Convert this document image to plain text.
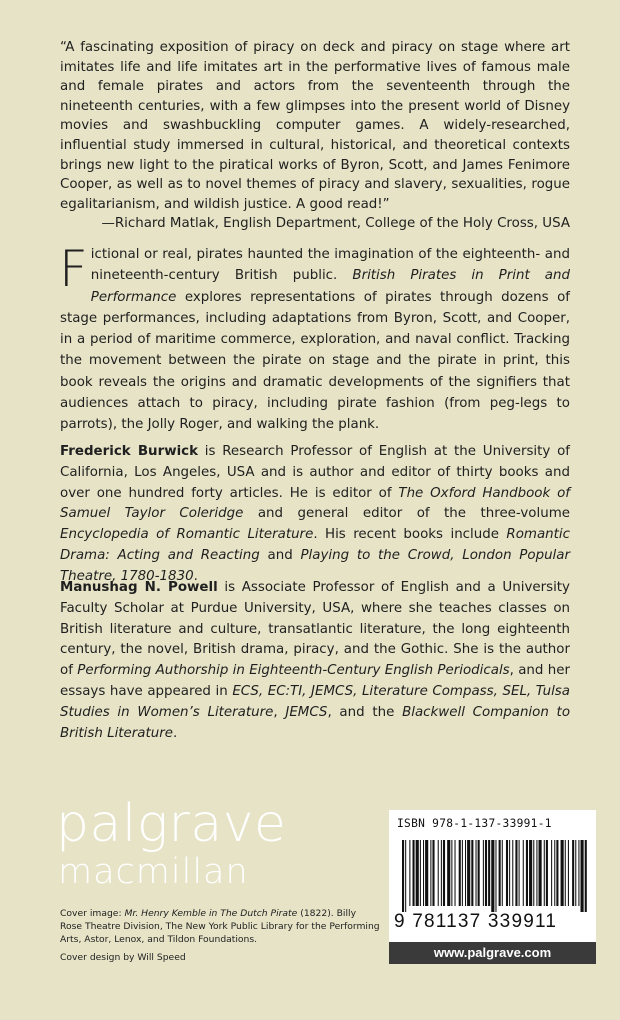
“A fascinating exposition of piracy on deck and piracy on stage where art imitates life and life imitates art in the performative lives of famous male and female pirates and actors from the seventeenth through the nineteenth centuries, with a few glimpses into the present world of Disney movies and swashbuckling computer games. A widely-researched, influential study immersed in cultural, historical, and theoretical contexts brings new light to the piratical works of Byron, Scott, and James Fenimore Cooper, as well as to novel themes of piracy and slavery, sexualities, rogue egalitarianism, and wildish justice. A good read!”
—Richard Matlak, English Department, College of the Holy Cross, USA
Fictional or real, pirates haunted the imagination of the eighteenth- and nineteenth-century British public. British Pirates in Print and Performance explores representations of pirates through dozens of stage performances, including adaptations from Byron, Scott, and Cooper, in a period of maritime commerce, exploration, and naval conflict. Tracking the movement between the pirate on stage and the pirate in print, this book reveals the origins and dramatic developments of the signifiers that audiences attach to piracy, including pirate fashion (from peg-legs to parrots), the Jolly Roger, and walking the plank.
Frederick Burwick is Research Professor of English at the University of California, Los Angeles, USA and is author and editor of thirty books and over one hundred forty articles. He is editor of The Oxford Handbook of Samuel Taylor Coleridge and general editor of the three-volume Encyclopedia of Romantic Literature. His recent books include Romantic Drama: Acting and Reacting and Playing to the Crowd, London Popular Theatre, 1780-1830.
Manushag N. Powell is Associate Professor of English and a University Faculty Scholar at Purdue University, USA, where she teaches classes on British literature and culture, transatlantic literature, the long eighteenth century, the novel, British drama, piracy, and the Gothic. She is the author of Performing Authorship in Eighteenth-Century English Periodicals, and her essays have appeared in ECS, EC:TI, JEMCS, Literature Compass, SEL, Tulsa Studies in Women’s Literature, JEMCS, and the Blackwell Companion to British Literature.
palgrave
macmillan
Cover image: Mr. Henry Kemble in The Dutch Pirate (1822). Billy Rose Theatre Division, The New York Public Library for the Performing Arts, Astor, Lenox, and Tildon Foundations.
Cover design by Will Speed
ISBN 978-1-137-33991-1
9 781137 339911
www.palgrave.com
